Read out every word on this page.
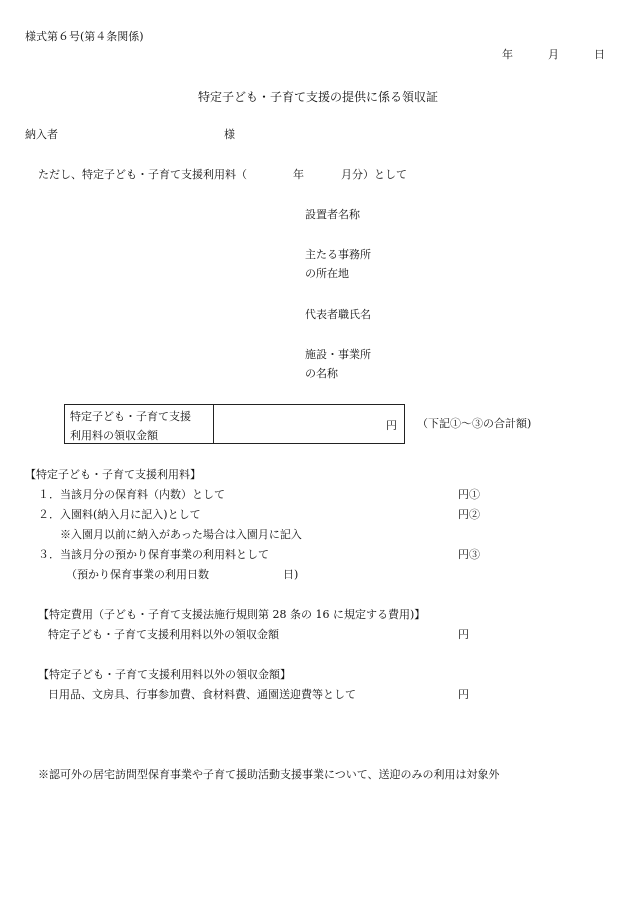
様式第６号(第４条関係)
年	月	日
特定子ども・子育て支援の提供に係る領収証
納入者	様
ただし、特定子ども・子育て支援利用料（	年	月分）として
設置者名称
主たる事務所
の所在地
代表者職氏名
施設・事業所
の名称
特定子ども・子育て支援
利用料の領収金額
円 （下記①～③の合計額)
【特定子ども・子育て支援利用料】
１．当該月分の保育料（内数）として	円①
２．入園料(納入月に記入)として	円②
※入園月以前に納入があった場合は入園月に記入
３．当該月分の預かり保育事業の利用料として	円③
（預かり保育事業の利用日数	日)
【特定費用（子ども・子育て支援法施行規則第 28 条の 16 に規定する費用)】
特定子ども・子育て支援利用料以外の領収金額	円
【特定子ども・子育て支援利用料以外の領収金額】
日用品、文房具、行事参加費、食材料費、通園送迎費等として	円
※認可外の居宅訪問型保育事業や子育て援助活動支援事業について、送迎のみの利用は対象外
